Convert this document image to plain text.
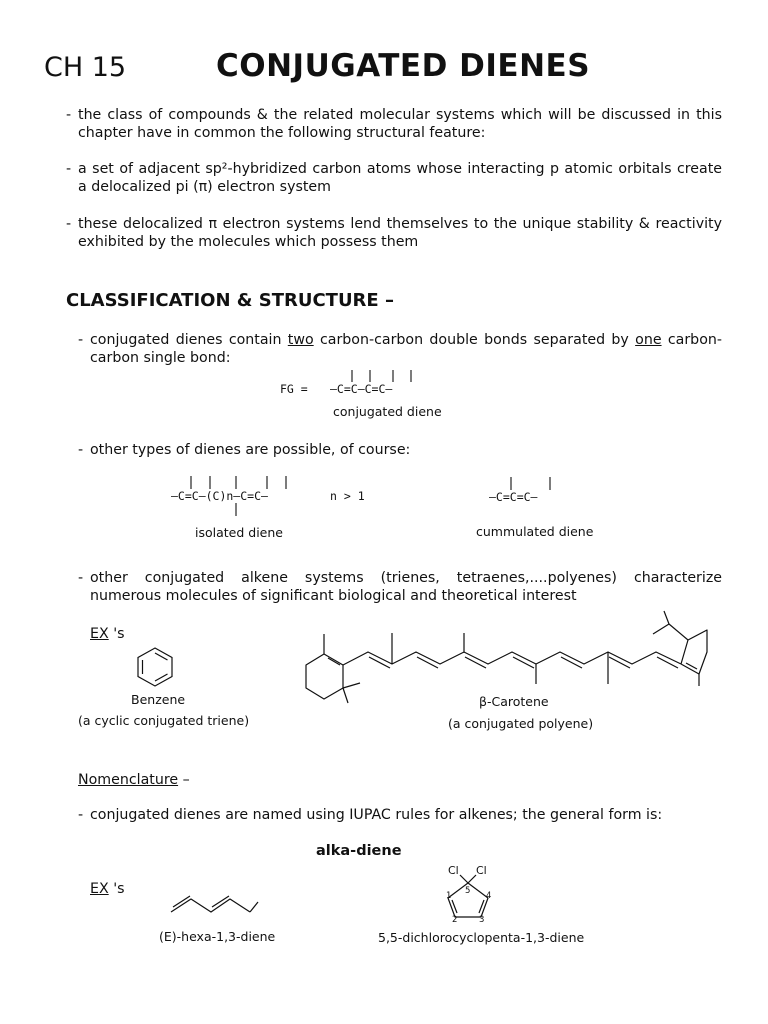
CH 15	CONJUGATED DIENES
- the class of compounds & the related molecular systems which will be discussed in this chapter have in common the following structural feature:
- a set of adjacent sp²-hybridized carbon atoms whose interacting p atomic orbitals create a delocalized pi (π) electron system
- these delocalized π electron systems lend themselves to the unique stability & reactivity exhibited by the molecules which possess them
CLASSIFICATION & STRUCTURE –
- conjugated dienes contain two carbon-carbon double bonds separated by one carbon-carbon single bond:
FG = —C=C—C=C—
conjugated diene
- other types of dienes are possible, of course:
—C=C—(C)n—C=C—	n > 1
isolated diene
—C=C=C—
cummulated diene
- other conjugated alkene systems (trienes, tetraenes,....polyenes) characterize numerous molecules of significant biological and theoretical interest
EX 's
Benzene
(a cyclic conjugated triene)
β-Carotene
(a conjugated polyene)
Nomenclature –
- conjugated dienes are named using IUPAC rules for alkenes; the general form is:
alka-diene
EX 's
(E)-hexa-1,3-diene
Cl Cl
1
2	3
4
5
5,5-dichlorocyclopenta-1,3-diene
